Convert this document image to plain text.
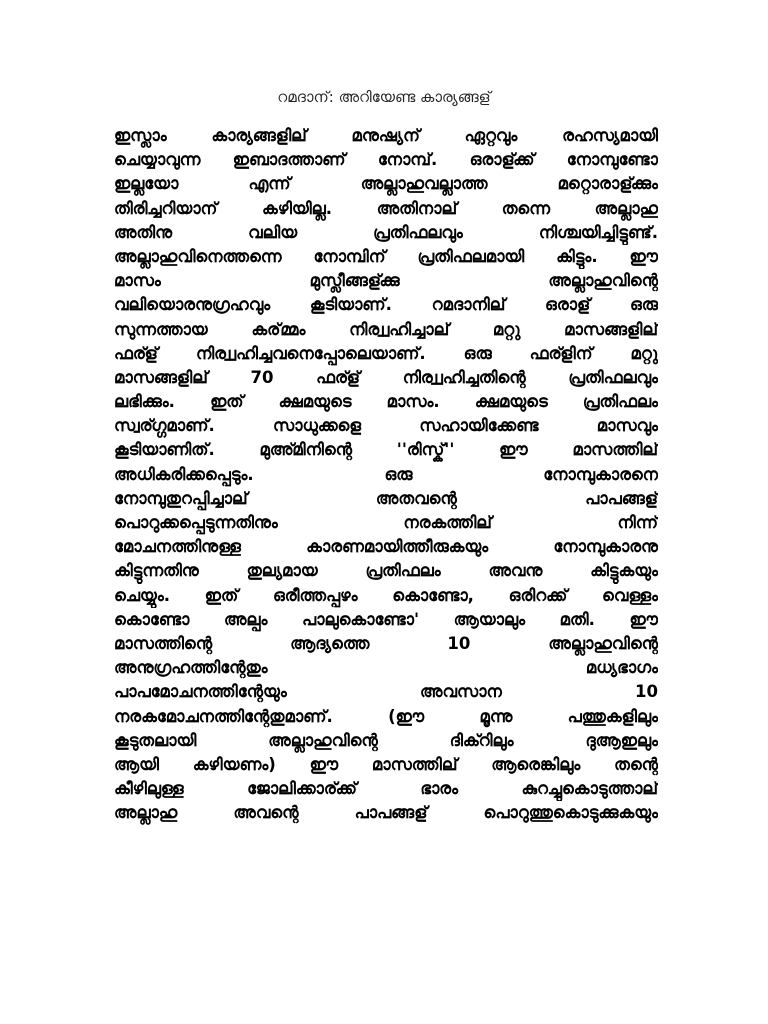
റമദാന്: അറിയേണ്ട കാര്യങ്ങള്
ഇസ്ലാം കാര്യങ്ങളില് മനുഷ്യന് ഏറ്റവും രഹസ്യമായി
ചെയ്യാവുന്ന ഇബാദത്താണ് നോമ്പ്. ഒരാള്ക്ക് നോമ്പുണ്ടോ
ഇല്ലയോ എന്ന് അല്ലാഹുവല്ലാത്ത മറ്റൊരാള്ക്കും
തിരിച്ചറിയാന് കഴിയില്ല. അതിനാല് തന്നെ അല്ലാഹു
അതിനു വലിയ പ്രതിഫലവും നിശ്ചയിച്ചിട്ടുണ്ട്.
അല്ലാഹുവിനെത്തന്നെ നോമ്പിന് പ്രതിഫലമായി കിട്ടും. ഈ
മാസം മുസ്ലീങ്ങള്ക്കു അല്ലാഹുവിന്റെ
വലിയൊരനുഗ്രഹവും കൂടിയാണ്. റമദാനില് ഒരാള് ഒരു
സുന്നത്തായ കര്മ്മം നിര്വ്വഹിച്ചാല് മറ്റു മാസങ്ങളില്
ഫര്ള് നിര്വ്വഹിച്ചവനെപ്പോലെയാണ്. ഒരു ഫര്ളിന് മറ്റു
മാസങ്ങളില് 70 ഫര്ള് നിര്വ്വഹിച്ചതിന്റെ പ്രതിഫലവും
ലഭിക്കും. ഇത് ക്ഷമയുടെ മാസം. ക്ഷമയുടെ പ്രതിഫലം
സ്വര്ഗ്ഗമാണ്. സാധുക്കളെ സഹായിക്കേണ്ട മാസവും
കൂടിയാണിത്. മുഅ്മിനിന്റെ ''രിസ്ക്'' ഈ മാസത്തില്
അധികരിക്കപ്പെടും. ഒരു നോമ്പുകാരനെ
നോമ്പുതുറപ്പിച്ചാല് അതവന്റെ പാപങ്ങള്
പൊറുക്കപ്പെടുന്നതിനും നരകത്തില് നിന്ന്
മോചനത്തിനുള്ള കാരണമായിത്തീരുകയും നോമ്പുകാരനു
കിട്ടുന്നതിനു തുല്യമായ പ്രതിഫലം അവനു കിട്ടുകയും
ചെയ്യും. ഇത് ഒരീത്തപ്പഴം കൊണ്ടോ, ഒരിറക്ക് വെള്ളം
കൊണ്ടോ അല്പം പാലുകൊണ്ടോ' ആയാലും മതി. ഈ
മാസത്തിന്റെ ആദ്യത്തെ 10 അല്ലാഹുവിന്റെ
അനുഗ്രഹത്തിന്റേതും മധ്യഭാഗം
പാപമോചനത്തിന്റേയും അവസാന 10
നരകമോചനത്തിന്റേതുമാണ്. (ഈ മൂന്നു പത്തുകളിലും
കൂടുതലായി അല്ലാഹുവിന്റെ ദിക്റിലും ദുആഇലും
ആയി കഴിയണം) ഈ മാസത്തില് ആരെങ്കിലും തന്റെ
കീഴിലുള്ള ജോലിക്കാര്ക്ക് ഭാരം കുറച്ചുകൊടുത്താല്
അല്ലാഹു അവന്റെ പാപങ്ങള് പൊറുത്തുകൊടുക്കുകയും
